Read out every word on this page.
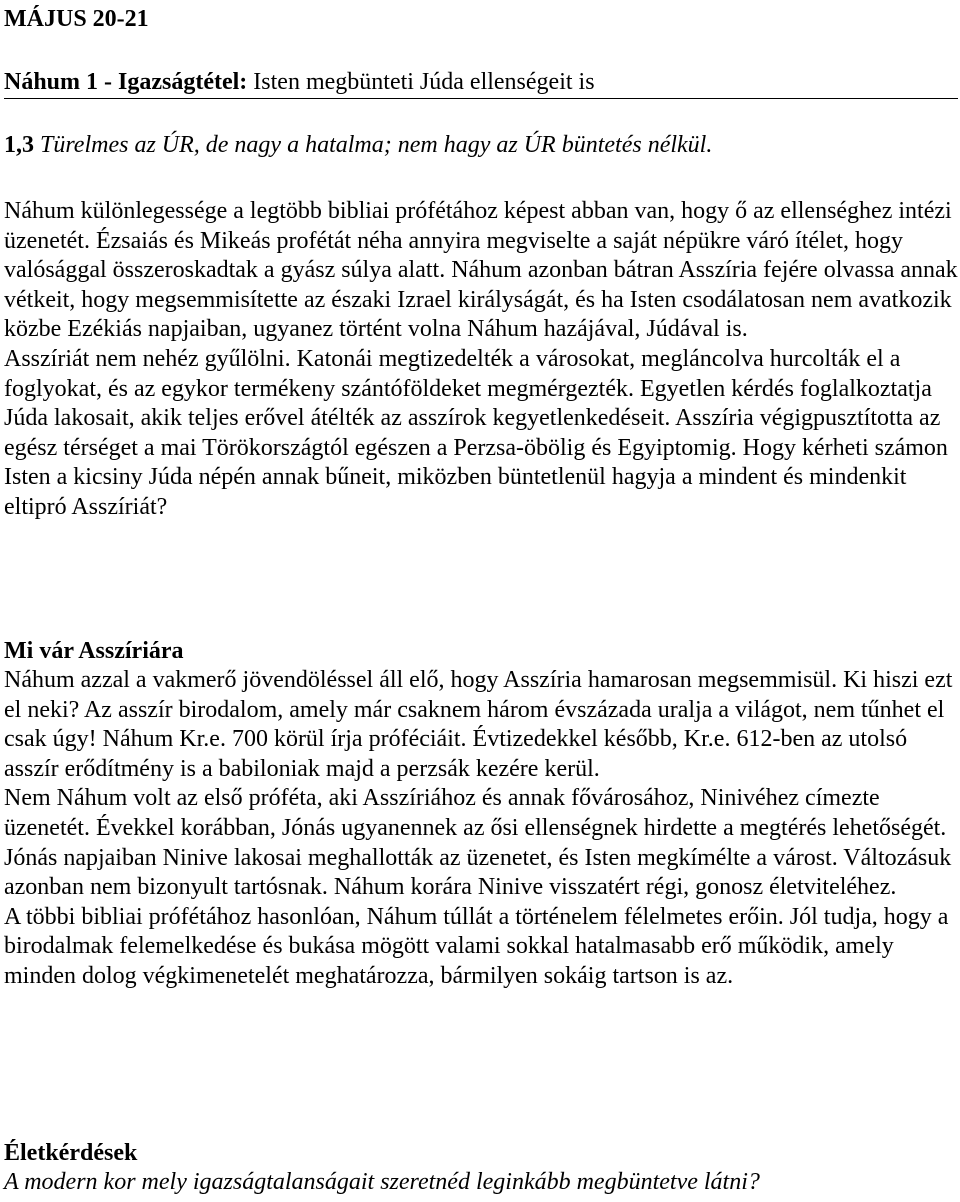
MÁJUS 20-21
Náhum 1 - Igazságtétel: Isten megbünteti Júda ellenségeit is
1,3 Türelmes az ÚR, de nagy a hatalma; nem hagy az ÚR büntetés nélkül.

Náhum különlegessége a legtöbb bibliai prófétához képest abban van, hogy ő az ellenséghez intézi üzenetét. Ézsaiás és Mikeás profétát néha annyira megviselte a saját népükre váró ítélet, hogy valósággal összeroskadtak a gyász súlya alatt. Náhum azonban bátran Asszíria fejére olvassa annak vétkeit, hogy megsemmisítette az északi Izrael királyságát, és ha Isten csodálatosan nem avatkozik közbe Ezékiás napjaiban, ugyanez történt volna Náhum hazájával, Júdával is.

Asszíriát nem nehéz gyűlölni. Katonái megtizedelték a városokat, megláncolva hurcolták el a foglyokat, és az egykor termékeny szántóföldeket megmérgezték. Egyetlen kérdés foglalkoztatja Júda lakosait, akik teljes erővel átélték az asszírok kegyetlenkedéseit. Asszíria végigpusztította az egész térséget a mai Törökországtól egészen a Perzsa-öbölig és Egyiptomig. Hogy kérheti számon Isten a kicsiny Júda népén annak bűneit, miközben büntetlenül hagyja a mindent és mindenkit eltipró Asszíriát?

Mi vár Asszíriára

Náhum azzal a vakmerő jövendöléssel áll elő, hogy Asszíria hamarosan megsemmisül. Ki hiszi ezt el neki? Az asszír birodalom, amely már csaknem három évszázada uralja a világot, nem tűnhet el csak úgy! Náhum Kr.e. 700 körül írja próféciáit. Évtizedekkel később, Kr.e. 612-ben az utolsó asszír erődítmény is a babiloniak majd a perzsák kezére kerül.

Nem Náhum volt az első próféta, aki Asszíriához és annak fővárosához, Ninivéhez címezte üzenetét. Évekkel korábban, Jónás ugyanennek az ősi ellenségnek hirdette a megtérés lehetőségét. Jónás napjaiban Ninive lakosai meghallották az üzenetet, és Isten megkímélte a várost. Változásuk azonban nem bizonyult tartósnak. Náhum korára Ninive visszatért régi, gonosz életviteléhez.

A többi bibliai prófétához hasonlóan, Náhum túllát a történelem félelmetes erőin. Jól tudja, hogy a birodalmak felemelkedése és bukása mögött valami sokkal hatalmasabb erő működik, amely minden dolog végkimenetelét meghatározza, bármilyen sokáig tartson is az.

Életkérdések
A modern kor mely igazságtalanságait szeretnéd leginkább megbüntetve látni?
